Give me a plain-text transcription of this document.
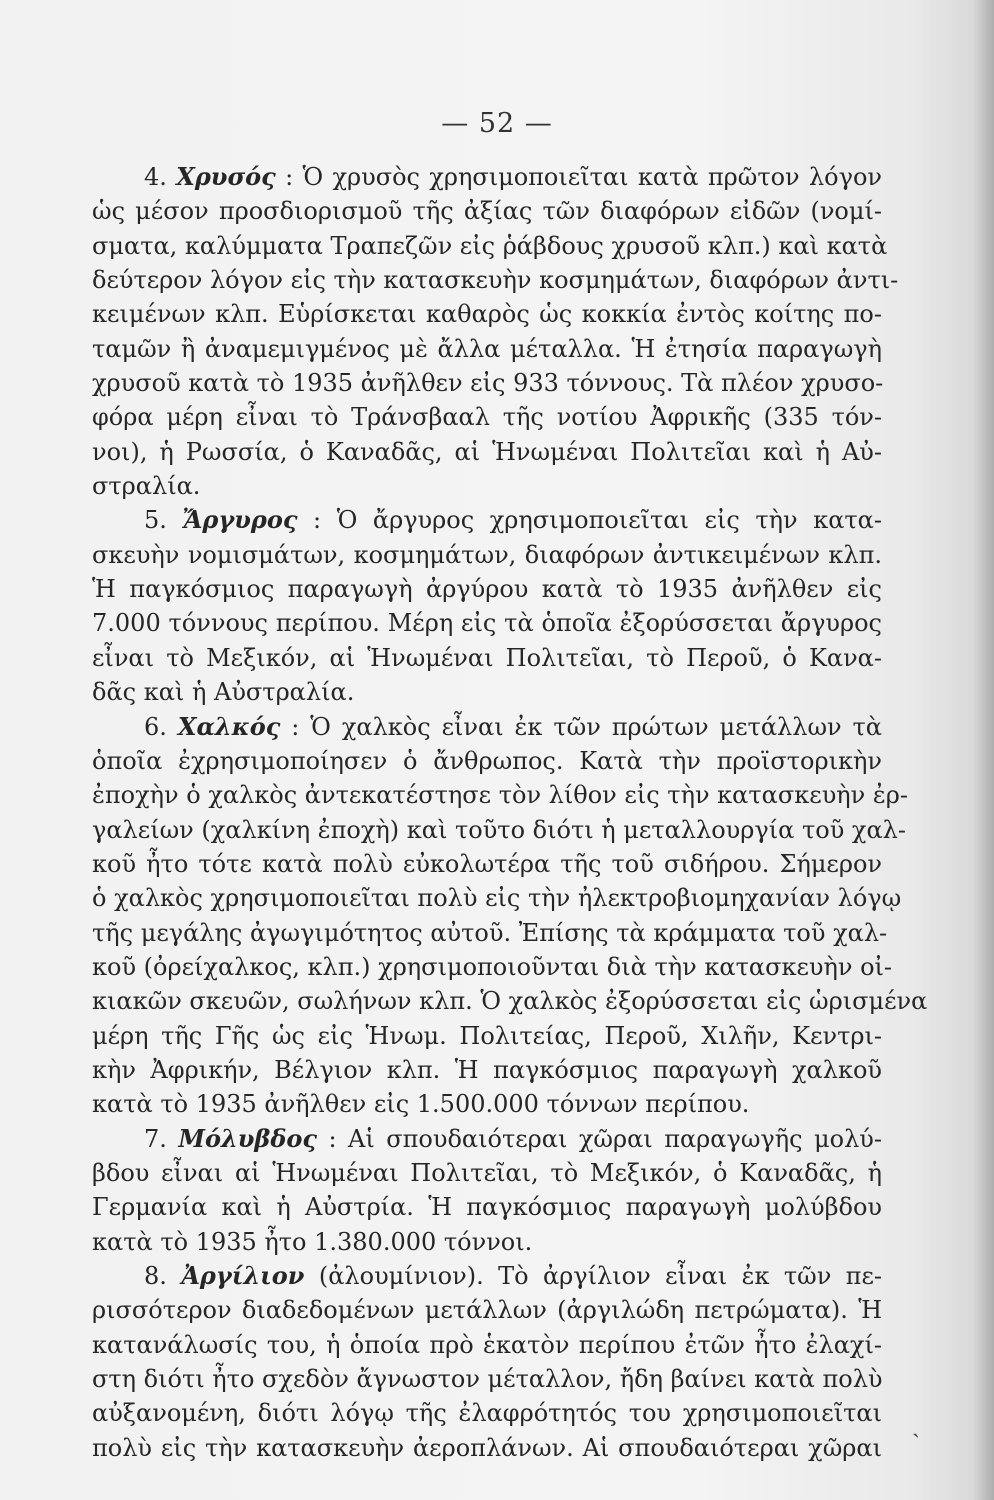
— 52 —
4. Χρυσός : Ὁ χρυσὸς χρησιμοποιεῖται κατὰ πρῶτον λόγον
ὡς μέσον προσδιορισμοῦ τῆς ἀξίας τῶν διαφόρων εἰδῶν (νομί-
σματα, καλύμματα Τραπεζῶν εἰς ῥάβδους χρυσοῦ κλπ.) καὶ κατὰ
δεύτερον λόγον εἰς τὴν κατασκευὴν κοσμημάτων, διαφόρων ἀντι-
κειμένων κλπ. Εὑρίσκεται καθαρὸς ὡς κοκκία ἐντὸς κοίτης πο-
ταμῶν ἢ ἀναμεμιγμένος μὲ ἄλλα μέταλλα. Ἡ ἐτησία παραγωγὴ
χρυσοῦ κατὰ τὸ 1935 ἀνῆλθεν εἰς 933 τόννους. Τὰ πλέον χρυσο-
φόρα μέρη εἶναι τὸ Τράνσβααλ τῆς νοτίου Ἀφρικῆς (335 τόν-
νοι), ἡ Ρωσσία, ὁ Καναδᾶς, αἱ Ἡνωμέναι Πολιτεῖαι καὶ ἡ Αὐ-
στραλία.
5. Ἄργυρος : Ὁ ἄργυρος χρησιμοποιεῖται εἰς τὴν κατα-
σκευὴν νομισμάτων, κοσμημάτων, διαφόρων ἀντικειμένων κλπ.
Ἡ παγκόσμιος παραγωγὴ ἀργύρου κατὰ τὸ 1935 ἀνῆλθεν εἰς
7.000 τόννους περίπου. Μέρη εἰς τὰ ὁποῖα ἐξορύσσεται ἄργυρος
εἶναι τὸ Μεξικόν, αἱ Ἡνωμέναι Πολιτεῖαι, τὸ Περοῦ, ὁ Κανα-
δᾶς καὶ ἡ Αὐστραλία.
6. Χαλκός : Ὁ χαλκὸς εἶναι ἐκ τῶν πρώτων μετάλλων τὰ
ὁποῖα ἐχρησιμοποίησεν ὁ ἄνθρωπος. Κατὰ τὴν προϊστορικὴν
ἐποχὴν ὁ χαλκὸς ἀντεκατέστησε τὸν λίθον εἰς τὴν κατασκευὴν ἐρ-
γαλείων (χαλκίνη ἐποχὴ) καὶ τοῦτο διότι ἡ μεταλλουργία τοῦ χαλ-
κοῦ ἦτο τότε κατὰ πολὺ εὐκολωτέρα τῆς τοῦ σιδήρου. Σήμερον
ὁ χαλκὸς χρησιμοποιεῖται πολὺ εἰς τὴν ἠλεκτροβιομηχανίαν λόγῳ
τῆς μεγάλης ἀγωγιμότητος αὐτοῦ. Ἐπίσης τὰ κράμματα τοῦ χαλ-
κοῦ (ὀρείχαλκος, κλπ.) χρησιμοποιοῦνται διὰ τὴν κατασκευὴν οἰ-
κιακῶν σκευῶν, σωλήνων κλπ. Ὁ χαλκὸς ἐξορύσσεται εἰς ὡρισμένα
μέρη τῆς Γῆς ὡς εἰς Ἡνωμ. Πολιτείας, Περοῦ, Χιλῆν, Κεντρι-
κὴν Ἀφρικήν, Βέλγιον κλπ. Ἡ παγκόσμιος παραγωγὴ χαλκοῦ
κατὰ τὸ 1935 ἀνῆλθεν εἰς 1.500.000 τόννων περίπου.
7. Μόλυβδος : Αἱ σπουδαιότεραι χῶραι παραγωγῆς μολύ-
βδου εἶναι αἱ Ἡνωμέναι Πολιτεῖαι, τὸ Μεξικόν, ὁ Καναδᾶς, ἡ
Γερμανία καὶ ἡ Αὐστρία. Ἡ παγκόσμιος παραγωγὴ μολύβδου
κατὰ τὸ 1935 ἦτο 1.380.000 τόννοι.
8. Ἀργίλιον (ἀλουμίνιον). Τὸ ἀργίλιον εἶναι ἐκ τῶν πε-
ρισσότερον διαδεδομένων μετάλλων (ἀργιλώδη πετρώματα). Ἡ
κατανάλωσίς του, ἡ ὁποία πρὸ ἑκατὸν περίπου ἐτῶν ἦτο ἐλαχί-
στη διότι ἦτο σχεδὸν ἄγνωστον μέταλλον, ἤδη βαίνει κατὰ πολὺ
αὐξανομένη, διότι λόγῳ τῆς ἐλαφρότητός του χρησιμοποιεῖται
πολὺ εἰς τὴν κατασκευὴν ἀεροπλάνων. Αἱ σπουδαιότεραι χῶραι
ˎ
